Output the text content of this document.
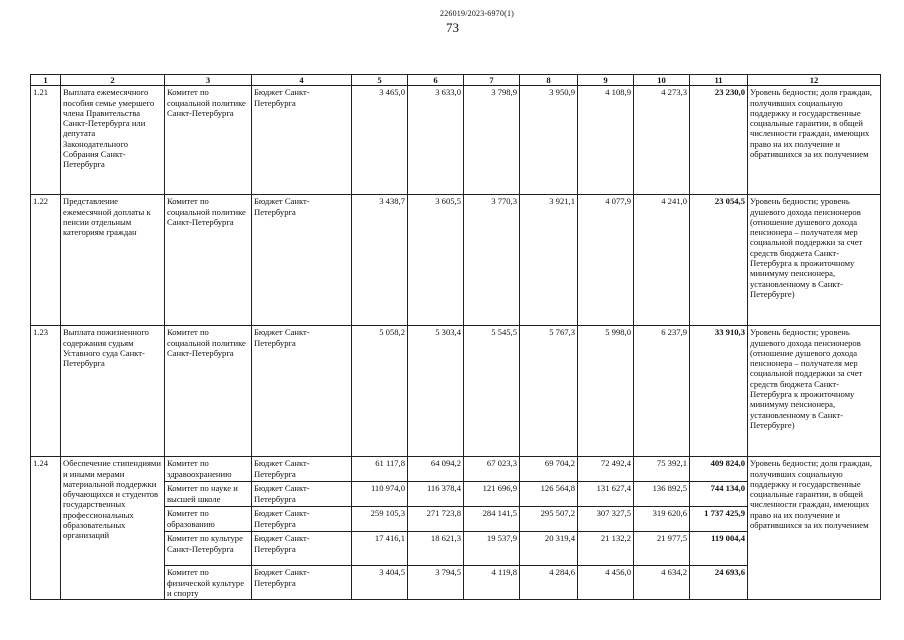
226019/2023-6970(1)
73
1	2	3	4	5	6	7	8	9	10	11	12
1.21	Выплата ежемесячного пособия семье умершего члена Правительства Санкт-Петербурга или депутата Законодательного Собрания Санкт-Петербурга	Комитет по социальной политике Санкт-Петербурга	Бюджет Санкт-Петербурга	3 465,0	3 633,0	3 798,9	3 950,9	4 108,9	4 273,3	23 230,0	Уровень бедности; доля граждан, получивших социальную поддержку и государственные социальные гарантии, в общей численности граждан, имеющих право на их получение и обратившихся за их получением
1.22	Представление ежемесячной доплаты к пенсии отдельным категориям граждан	Комитет по социальной политике Санкт-Петербурга	Бюджет Санкт-Петербурга	3 438,7	3 605,5	3 770,3	3 921,1	4 077,9	4 241,0	23 054,5	Уровень бедности; уровень душевого дохода пенсионеров (отношение душевого дохода пенсионера – получателя мер социальной поддержки за счет средств бюджета Санкт-Петербурга к прожиточному минимуму пенсионера, установленному в Санкт-Петербурге)
1.23	Выплата пожизненного содержания судьям Уставного суда Санкт-Петербурга	Комитет по социальной политике Санкт-Петербурга	Бюджет Санкт-Петербурга	5 058,2	5 303,4	5 545,5	5 767,3	5 998,0	6 237,9	33 910,3	Уровень бедности; уровень душевого дохода пенсионеров (отношение душевого дохода пенсионера – получателя мер социальной поддержки за счет средств бюджета Санкт-Петербурга к прожиточному минимуму пенсионера, установленному в Санкт-Петербурге)
1.24	Обеспечение стипендиями и иными мерами материальной поддержки обучающихся и студентов государственных профессиональных образовательных организаций	Комитет по здравоохранению	Бюджет Санкт-Петербурга	61 117,8	64 094,2	67 023,3	69 704,2	72 492,4	75 392,1	409 824,0	Уровень бедности; доля граждан, получивших социальную поддержку и государственные социальные гарантии, в общей численности граждан, имеющих право на их получение и обратившихся за их получением
		Комитет по науке и высшей школе	Бюджет Санкт-Петербурга	110 974,0	116 378,4	121 696,9	126 564,8	131 627,4	136 892,5	744 134,0	
		Комитет по образованию	Бюджет Санкт-Петербурга	259 105,3	271 723,8	284 141,5	295 507,2	307 327,5	319 620,6	1 737 425,9	
		Комитет по культуре Санкт-Петербурга	Бюджет Санкт-Петербурга	17 416,1	18 621,3	19 537,9	20 319,4	21 132,2	21 977,5	119 004,4	
		Комитет по физической культуре и спорту	Бюджет Санкт-Петербурга	3 404,5	3 794,5	4 119,8	4 284,6	4 456,0	4 634,2	24 693,6	
